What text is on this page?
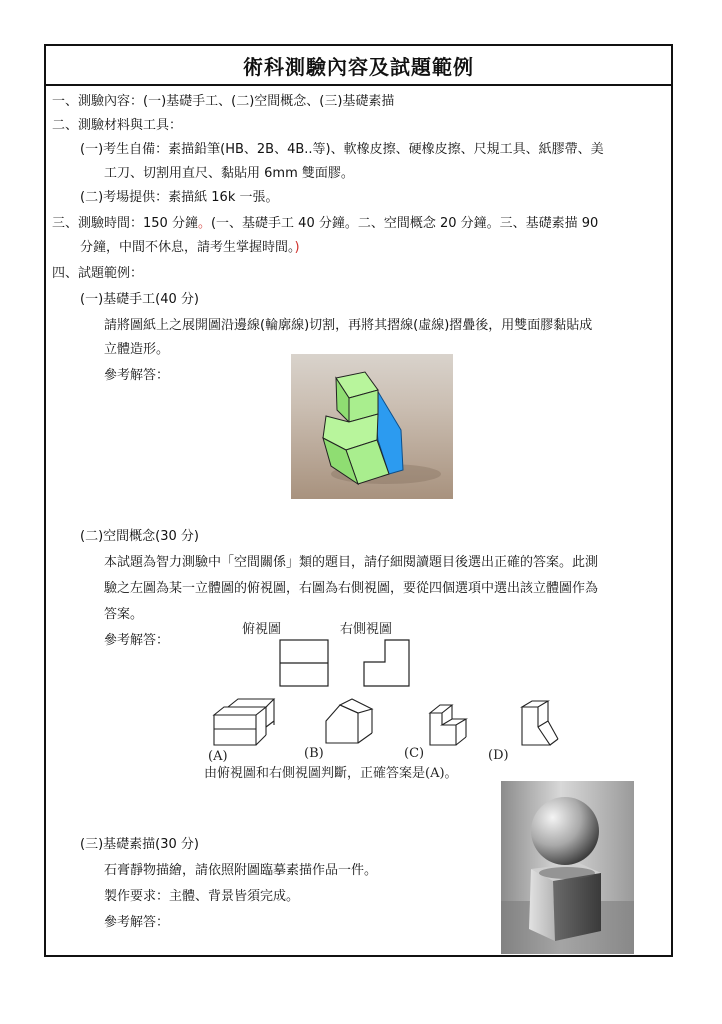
術科測驗內容及試題範例
一、測驗內容：(一)基礎手工、(二)空間概念、(三)基礎素描
二、測驗材料與工具：
(一)考生自備：素描鉛筆(HB、2B、4B..等)、軟橡皮擦、硬橡皮擦、尺規工具、紙膠帶、美
工刀、切割用直尺、黏貼用 6mm 雙面膠。
(二)考場提供：素描紙 16k 一張。
三、測驗時間：150 分鐘。(一、基礎手工 40 分鐘。二、空間概念 20 分鐘。三、基礎素描 90
分鐘，中間不休息，請考生掌握時間。)
四、試題範例：
(一)基礎手工(40 分)
請將圖紙上之展開圖沿邊線(輪廓線)切割，再將其摺線(虛線)摺疊後，用雙面膠黏貼成
立體造形。
參考解答：
(二)空間概念(30 分)
本試題為智力測驗中「空間關係」類的題目，請仔細閱讀題目後選出正確的答案。此測
驗之左圖為某一立體圖的俯視圖，右圖為右側視圖，要從四個選項中選出該立體圖作為
答案。
參考解答：
俯視圖	右側視圖
(A)	(B)	(C)	(D)
由俯視圖和右側視圖判斷，正確答案是(A)。
(三)基礎素描(30 分)
石膏靜物描繪，請依照附圖臨摹素描作品一件。
製作要求：主體、背景皆須完成。
參考解答：
